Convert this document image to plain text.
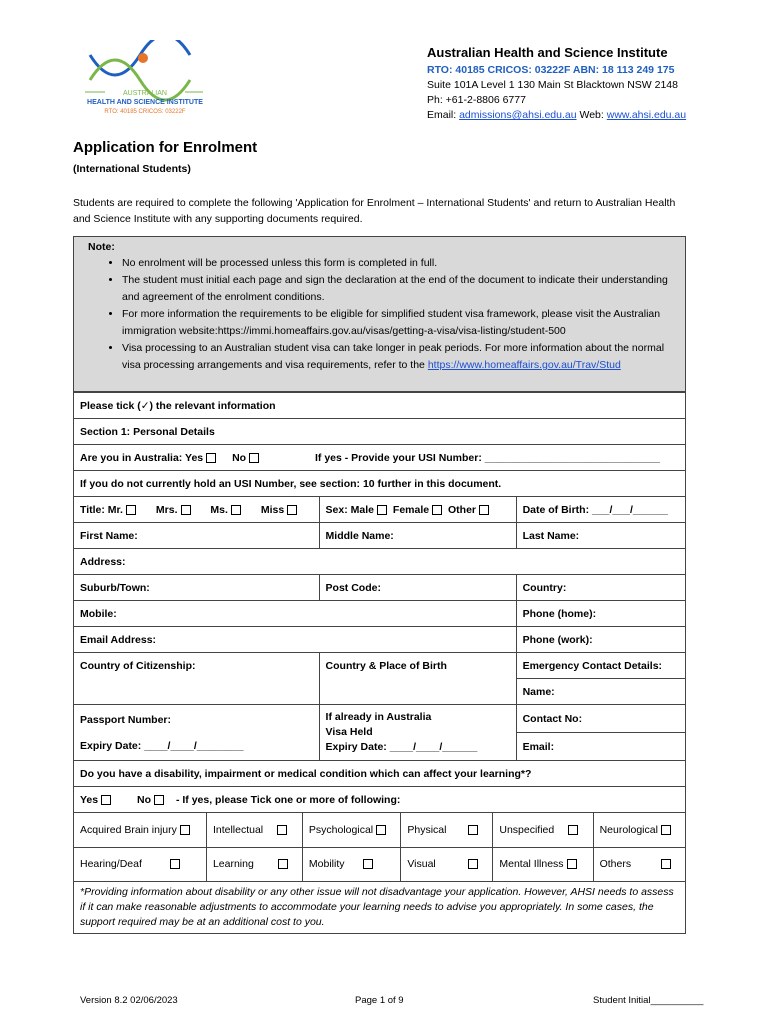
AUSTRALIAN
HEALTH AND SCIENCE INSTITUTE
RTO: 40185 CRICOS: 03222F
Australian Health and Science Institute
RTO: 40185 CRICOS: 03222F ABN: 18 113 249 175
Suite 101A Level 1 130 Main St Blacktown NSW 2148
Ph: +61-2-8806 6777
Email: admissions@ahsi.edu.au Web: www.ahsi.edu.au
Application for Enrolment
(International Students)
Students are required to complete the following 'Application for Enrolment – International Students' and return to Australian Health and Science Institute with any supporting documents required.
Note:
• No enrolment will be processed unless this form is completed in full.
• The student must initial each page and sign the declaration at the end of the document to indicate their understanding and agreement of the enrolment conditions.
• For more information the requirements to be eligible for simplified student visa framework, please visit the Australian immigration website:https://immi.homeaffairs.gov.au/visas/getting-a-visa/visa-listing/student-500
• Visa processing to an Australian student visa can take longer in peak periods. For more information about the normal visa processing arrangements and visa requirements, refer to the https://www.homeaffairs.gov.au/Trav/Stud
Please tick (✓) the relevant information
Section 1: Personal Details
Are you in Australia: Yes	No	If yes - Provide your USI Number: ______________________________
If you do not currently hold an USI Number, see section: 10 further in this document.
Title: Mr.	Mrs.	Ms.	Miss	Sex: Male Female Other	Date of Birth: ___/___/______
First Name:	Middle Name:	Last Name:
Address:
Suburb/Town:	Post Code:	Country:
Mobile:	Phone (home):
Email Address:	Phone (work):
Country of Citizenship:	Country & Place of Birth	Emergency Contact Details:
Name:

Passport Number:
Expiry Date: ____/____/________

If already in Australia
Visa Held
Expiry Date: ____/____/______
	Contact No:
Email:
Do you have a disability, impairment or medical condition which can affect your learning*?
Yes	No - If yes, please Tick one or more of following:

Acquired Brain injury	Intellectual	Psychological	Physical	Unspecified	Neurological
Hearing/Deaf	Learning	Mobility	Visual	Mental Illness	Others

*Providing information about disability or any other issue will not disadvantage your application. However, AHSI needs to assess if it can make reasonable adjustments to accommodate your learning needs to advise you appropriately. In some cases, the support required may be at an additional cost to you.
Version 8.2 02/06/2023	Page 1 of 9	Student Initial__________
